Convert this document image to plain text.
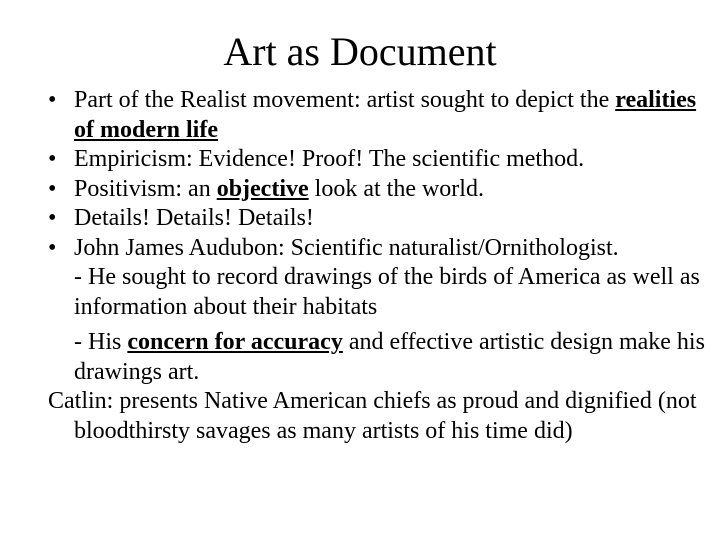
Art as Document
• Part of the Realist movement: artist sought to depict the realities of modern life
• Empiricism: Evidence! Proof! The scientific method.
• Positivism: an objective look at the world.
• Details! Details! Details!
• John James Audubon: Scientific naturalist/Ornithologist.
- He sought to record drawings of the birds of America as well as information about their habitats
- His concern for accuracy and effective artistic design make his drawings art.
Catlin: presents Native American chiefs as proud and dignified (not bloodthirsty savages as many artists of his time did)
